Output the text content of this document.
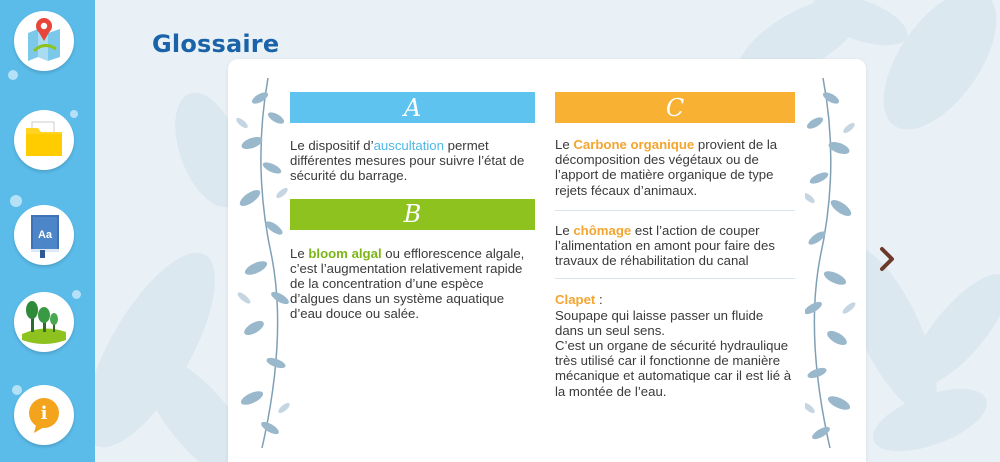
Aa
i
Glossaire
A

Le dispositif d’auscultation permet différentes mesures pour suivre l’état de sécurité du barrage.

B

Le bloom algal ou efflorescence algale, c’est l’augmentation relativement rapide de la concentration d’une espèce d’algues dans un système aquatique d’eau douce ou salée.

C

Le Carbone organique provient de la décomposition des végétaux ou de l’apport de matière organique de type rejets fécaux d’animaux.

Le chômage est l’action de couper l’alimentation en amont pour faire des travaux de réhabilitation du canal

Clapet :
Soupape qui laisse passer un fluide dans un seul sens.
C’est un organe de sécurité hydraulique très utilisé car il fonctionne de manière mécanique et automatique car il est lié à la montée de l’eau.
